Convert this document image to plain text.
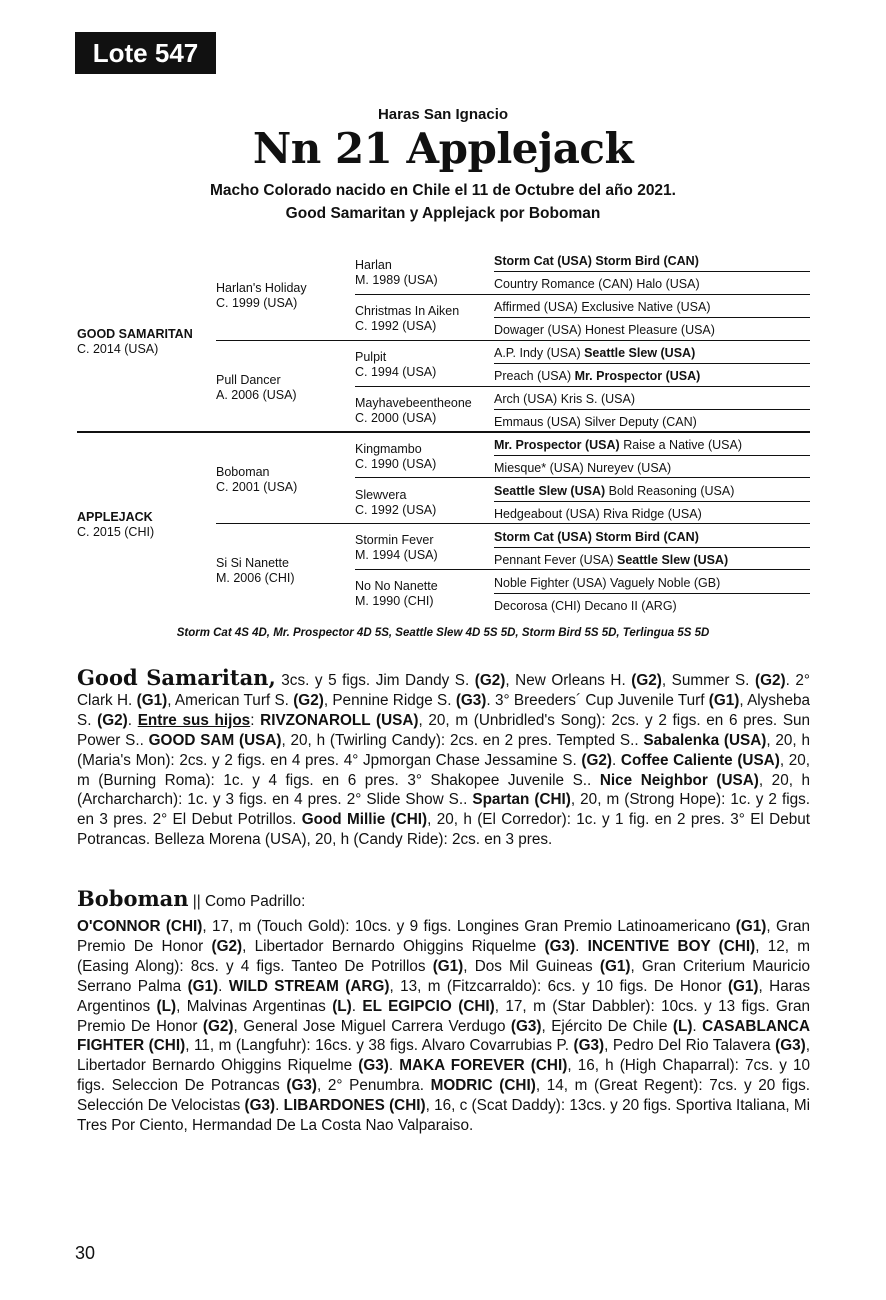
Lote 547
Haras San Ignacio
Nn 21 Applejack
Macho Colorado nacido en Chile el 11 de Octubre del año 2021.
Good Samaritan y Applejack por Boboman
GOOD SAMARITAN
C. 2014 (USA)
APPLEJACK
C. 2015 (CHI)
Harlan's Holiday
C. 1999 (USA)
Pull Dancer
A. 2006 (USA)
Boboman
C. 2001 (USA)
Si Si Nanette
M. 2006 (CHI)
Harlan
M. 1989 (USA)
Christmas In Aiken
C. 1992 (USA)
Pulpit
C. 1994 (USA)
Mayhavebeentheone
C. 2000 (USA)
Kingmambo
C. 1990 (USA)
Slewvera
C. 1992 (USA)
Stormin Fever
M. 1994 (USA)
No No Nanette
M. 1990 (CHI)
Storm Cat (USA) Storm Bird (CAN)
Country Romance (CAN) Halo (USA)
Affirmed (USA) Exclusive Native (USA)
Dowager (USA) Honest Pleasure (USA)
A.P. Indy (USA) Seattle Slew (USA)
Preach (USA) Mr. Prospector (USA)
Arch (USA) Kris S. (USA)
Emmaus (USA) Silver Deputy (CAN)
Mr. Prospector (USA) Raise a Native (USA)
Miesque* (USA) Nureyev (USA)
Seattle Slew (USA) Bold Reasoning (USA)
Hedgeabout (USA) Riva Ridge (USA)
Storm Cat (USA) Storm Bird (CAN)
Pennant Fever (USA) Seattle Slew (USA)
Noble Fighter (USA) Vaguely Noble (GB)
Decorosa (CHI) Decano II (ARG)
Storm Cat 4S 4D, Mr. Prospector 4D 5S, Seattle Slew 4D 5S 5D, Storm Bird 5S 5D, Terlingua 5S 5D
Good Samaritan, 3cs. y 5 figs. Jim Dandy S. (G2), New Orleans H. (G2), Summer S. (G2). 2° Clark H. (G1), American Turf S. (G2), Pennine Ridge S. (G3). 3° Breeders´ Cup Juvenile Turf (G1), Alysheba S. (G2). Entre sus hijos: RIVZONAROLL (USA), 20, m (Unbridled's Song): 2cs. y 2 figs. en 6 pres. Sun Power S.. GOOD SAM (USA), 20, h (Twirling Candy): 2cs. en 2 pres. Tempted S.. Sabalenka (USA), 20, h (Maria's Mon): 2cs. y 2 figs. en 4 pres. 4° Jpmorgan Chase Jessamine S. (G2). Coffee Caliente (USA), 20, m (Burning Roma): 1c. y 4 figs. en 6 pres. 3° Shakopee Juvenile S.. Nice Neighbor (USA), 20, h (Archarcharch): 1c. y 3 figs. en 4 pres. 2° Slide Show S.. Spartan (CHI), 20, m (Strong Hope): 1c. y 2 figs. en 3 pres. 2° El Debut Potrillos. Good Millie (CHI), 20, h (El Corredor): 1c. y 1 fig. en 2 pres. 3° El Debut Potrancas. Belleza Morena (USA), 20, h (Candy Ride): 2cs. en 3 pres.
Boboman || Como Padrillo:
O'CONNOR (CHI), 17, m (Touch Gold): 10cs. y 9 figs. Longines Gran Premio Latinoamericano (G1), Gran Premio De Honor (G2), Libertador Bernardo Ohiggins Riquelme (G3). INCENTIVE BOY (CHI), 12, m (Easing Along): 8cs. y 4 figs. Tanteo De Potrillos (G1), Dos Mil Guineas (G1), Gran Criterium Mauricio Serrano Palma (G1). WILD STREAM (ARG), 13, m (Fitzcarraldo): 6cs. y 10 figs. De Honor (G1), Haras Argentinos (L), Malvinas Argentinas (L). EL EGIPCIO (CHI), 17, m (Star Dabbler): 10cs. y 13 figs. Gran Premio De Honor (G2), General Jose Miguel Carrera Verdugo (G3), Ejército De Chile (L). CASABLANCA FIGHTER (CHI), 11, m (Langfuhr): 16cs. y 38 figs. Alvaro Covarrubias P. (G3), Pedro Del Rio Talavera (G3), Libertador Bernardo Ohiggins Riquelme (G3). MAKA FOREVER (CHI), 16, h (High Chaparral): 7cs. y 10 figs. Seleccion De Potrancas (G3), 2° Penumbra. MODRIC (CHI), 14, m (Great Regent): 7cs. y 20 figs. Selección De Velocistas (G3). LIBARDONES (CHI), 16, c (Scat Daddy): 13cs. y 20 figs. Sportiva Italiana, Mi Tres Por Ciento, Hermandad De La Costa Nao Valparaiso.
30
